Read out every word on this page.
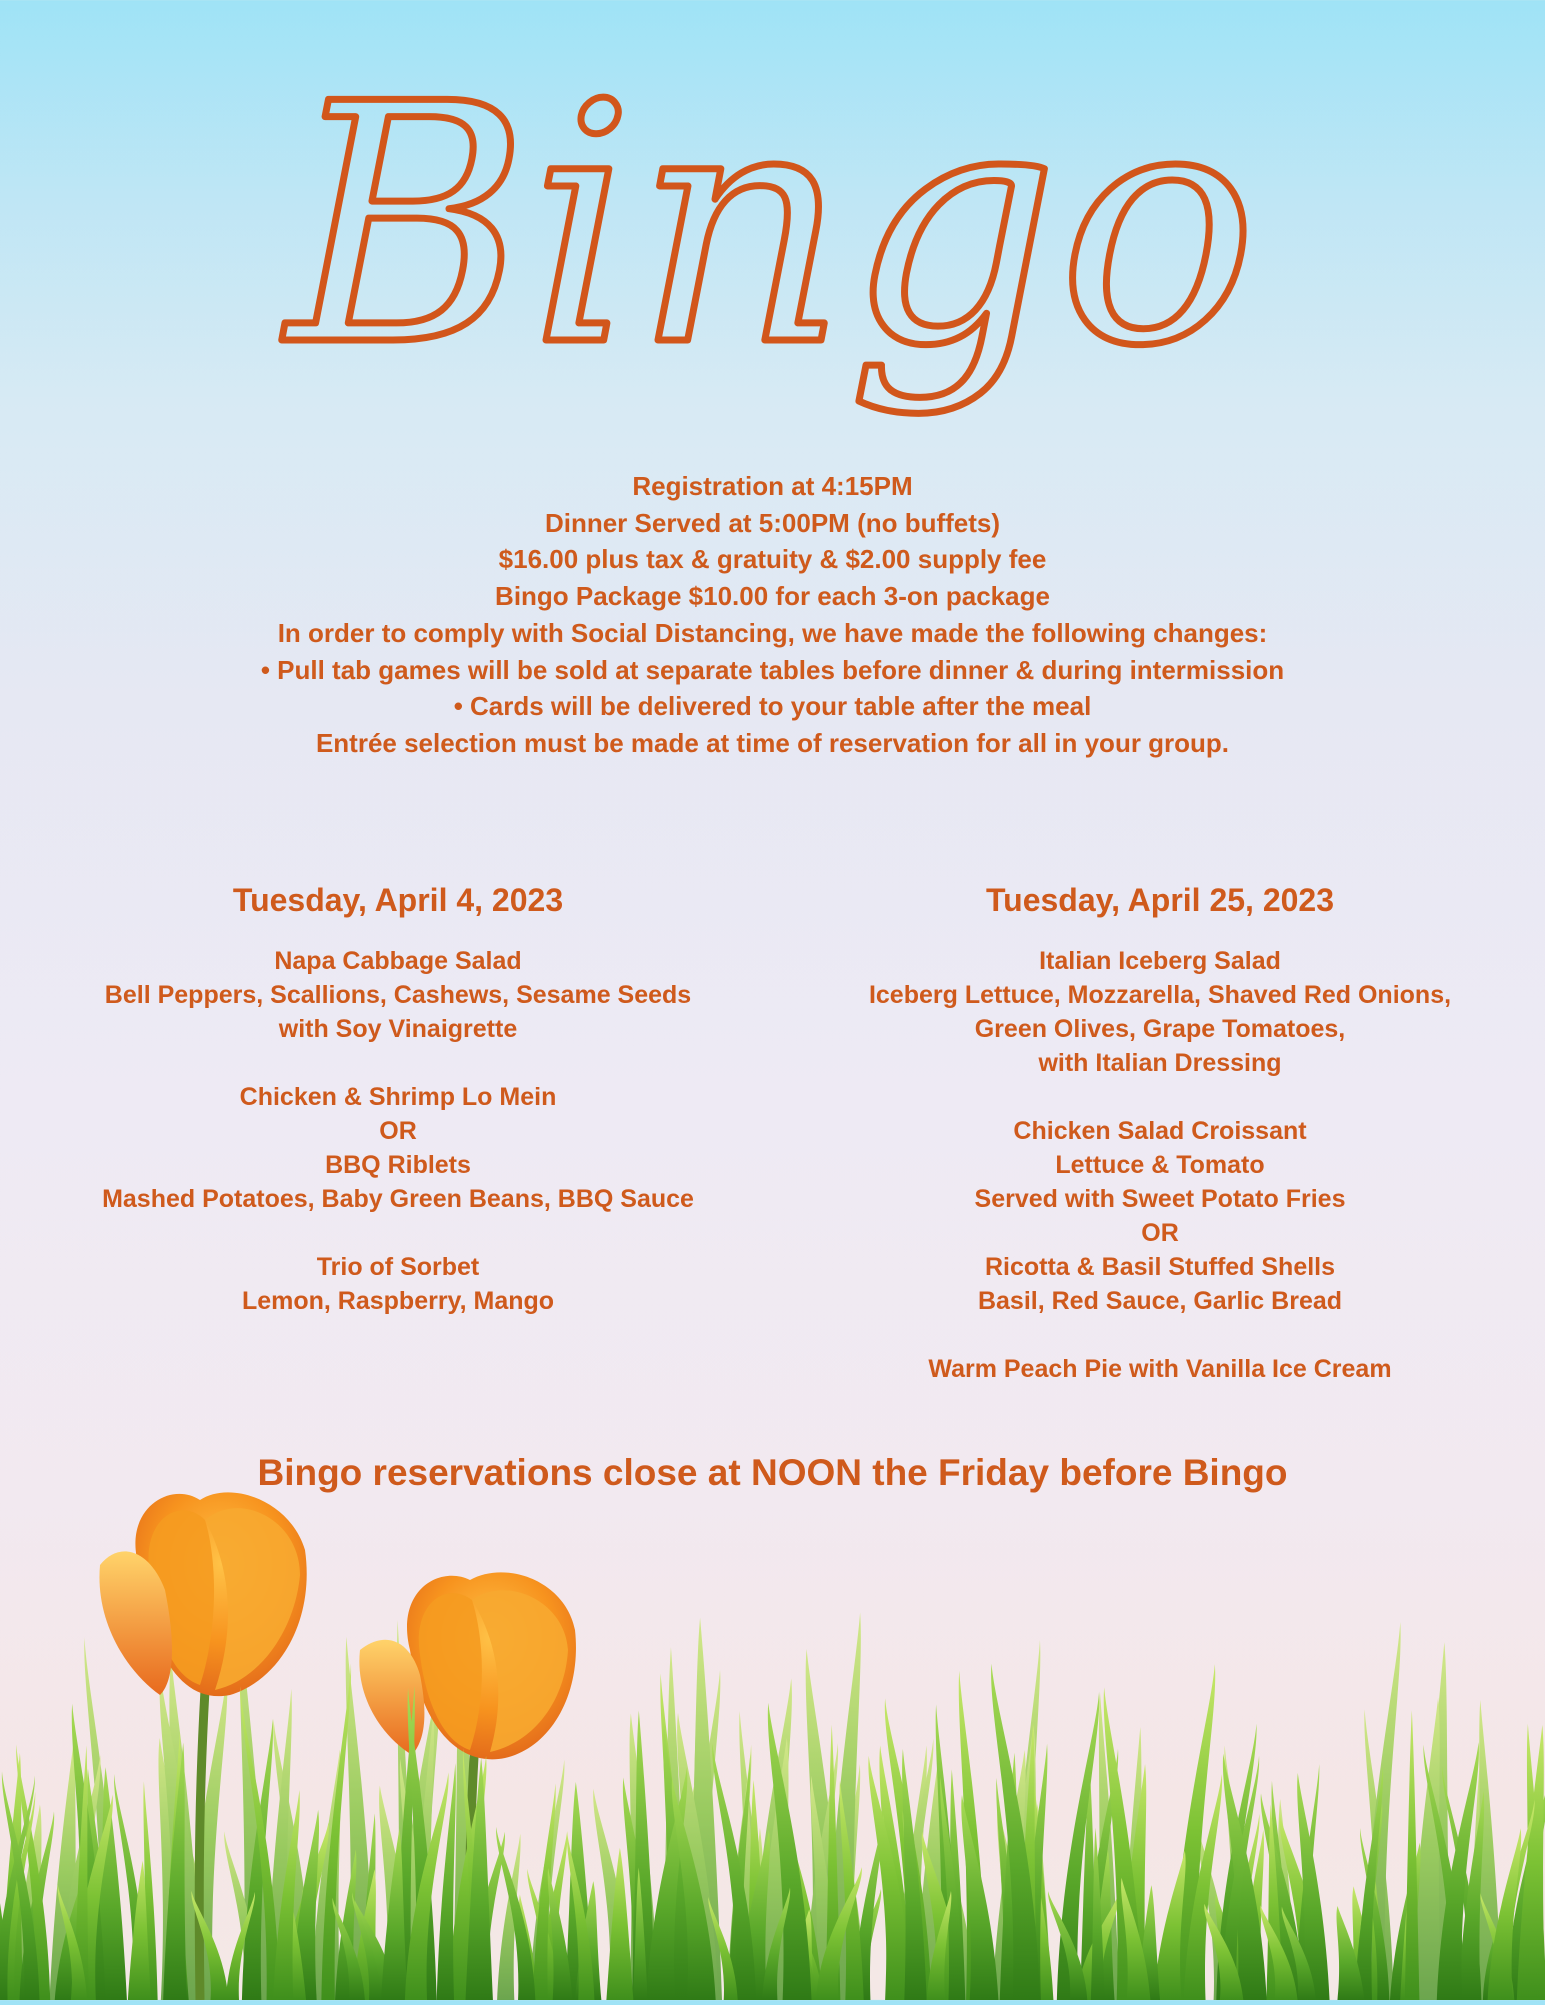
Bingo
Registration at 4:15PM
Dinner Served at 5:00PM (no buffets)
$16.00 plus tax & gratuity & $2.00 supply fee
Bingo Package $10.00 for each 3-on package
In order to comply with Social Distancing, we have made the following changes:
• Pull tab games will be sold at separate tables before dinner & during intermission
• Cards will be delivered to your table after the meal
Entrée selection must be made at time of reservation for all in your group.
Tuesday, April 4, 2023
Napa Cabbage Salad
Bell Peppers, Scallions, Cashews, Sesame Seeds
with Soy Vinaigrette
Chicken & Shrimp Lo Mein
OR
BBQ Riblets
Mashed Potatoes, Baby Green Beans, BBQ Sauce
Trio of Sorbet
Lemon, Raspberry, Mango
Tuesday, April 25, 2023
Italian Iceberg Salad
Iceberg Lettuce, Mozzarella, Shaved Red Onions,
Green Olives, Grape Tomatoes,
with Italian Dressing
Chicken Salad Croissant
Lettuce & Tomato
Served with Sweet Potato Fries
OR
Ricotta & Basil Stuffed Shells
Basil, Red Sauce, Garlic Bread
Warm Peach Pie with Vanilla Ice Cream
Bingo reservations close at NOON the Friday before Bingo
